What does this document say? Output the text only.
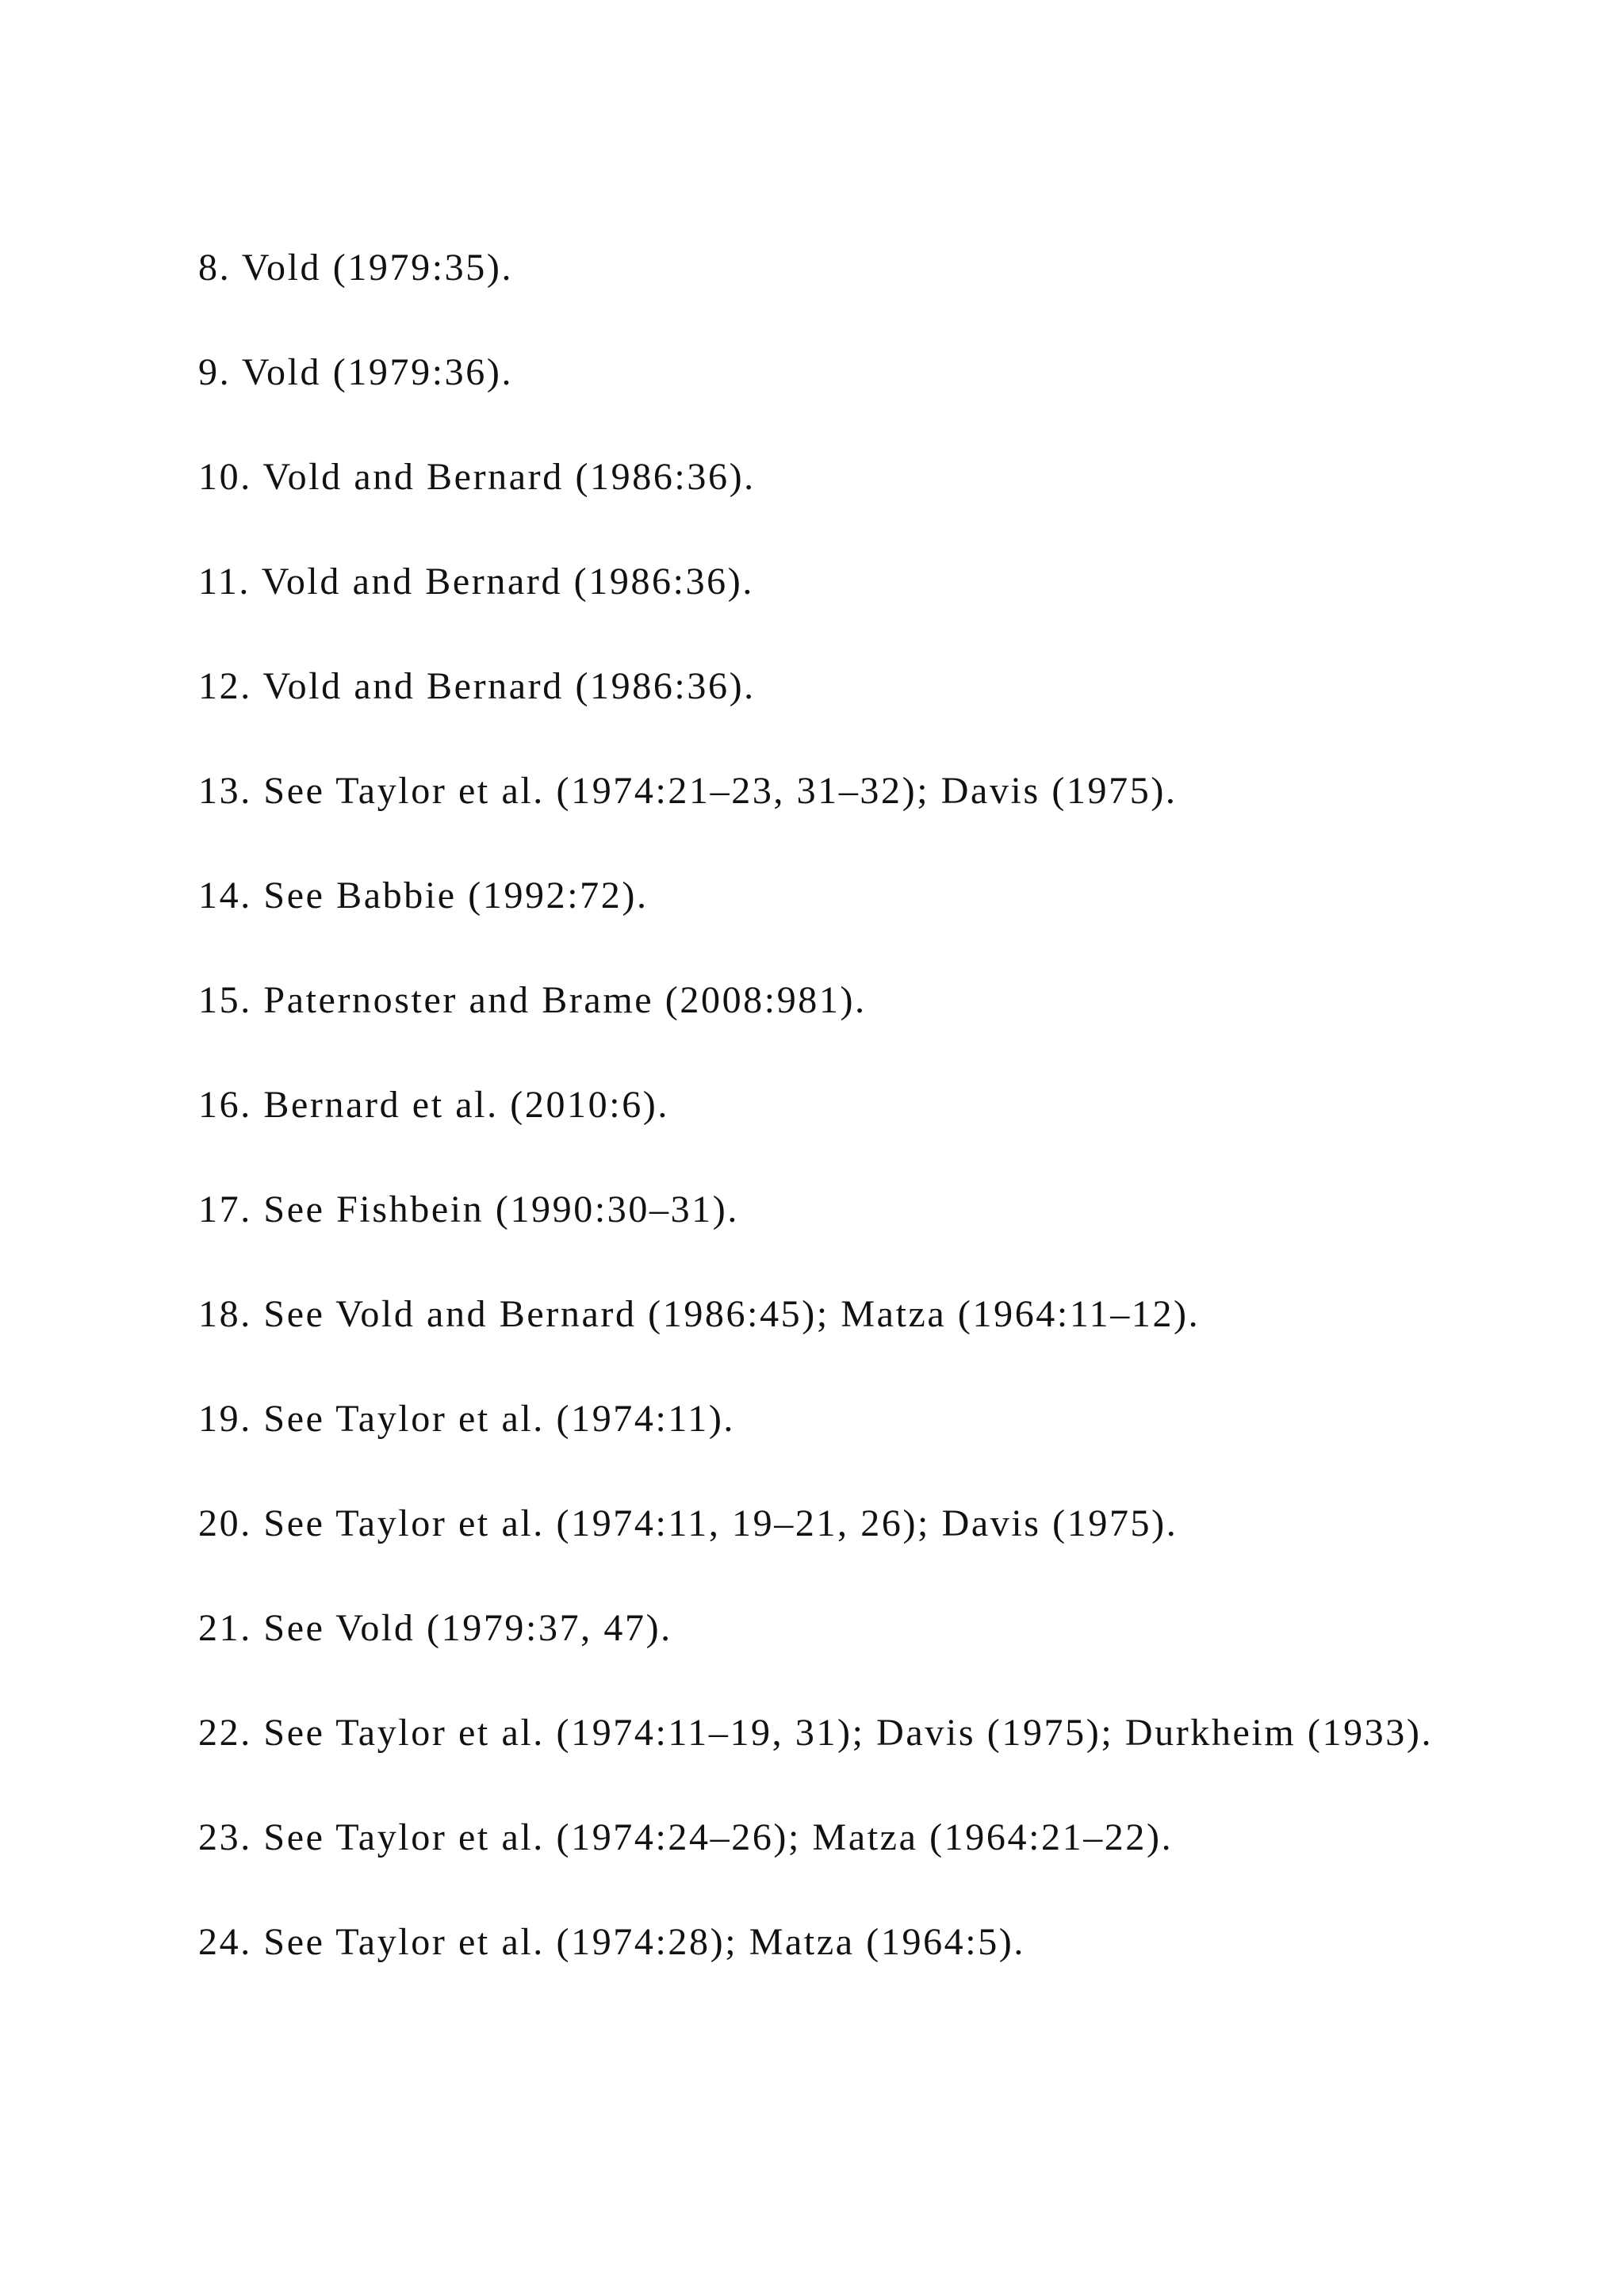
8. Vold (1979:35).
9. Vold (1979:36).
10. Vold and Bernard (1986:36).
11. Vold and Bernard (1986:36).
12. Vold and Bernard (1986:36).
13. See Taylor et al. (1974:21–23, 31–32); Davis (1975).
14. See Babbie (1992:72).
15. Paternoster and Brame (2008:981).
16. Bernard et al. (2010:6).
17. See Fishbein (1990:30–31).
18. See Vold and Bernard (1986:45); Matza (1964:11–12).
19. See Taylor et al. (1974:11).
20. See Taylor et al. (1974:11, 19–21, 26); Davis (1975).
21. See Vold (1979:37, 47).
22. See Taylor et al. (1974:11–19, 31); Davis (1975); Durkheim (1933).
23. See Taylor et al. (1974:24–26); Matza (1964:21–22).
24. See Taylor et al. (1974:28); Matza (1964:5).
